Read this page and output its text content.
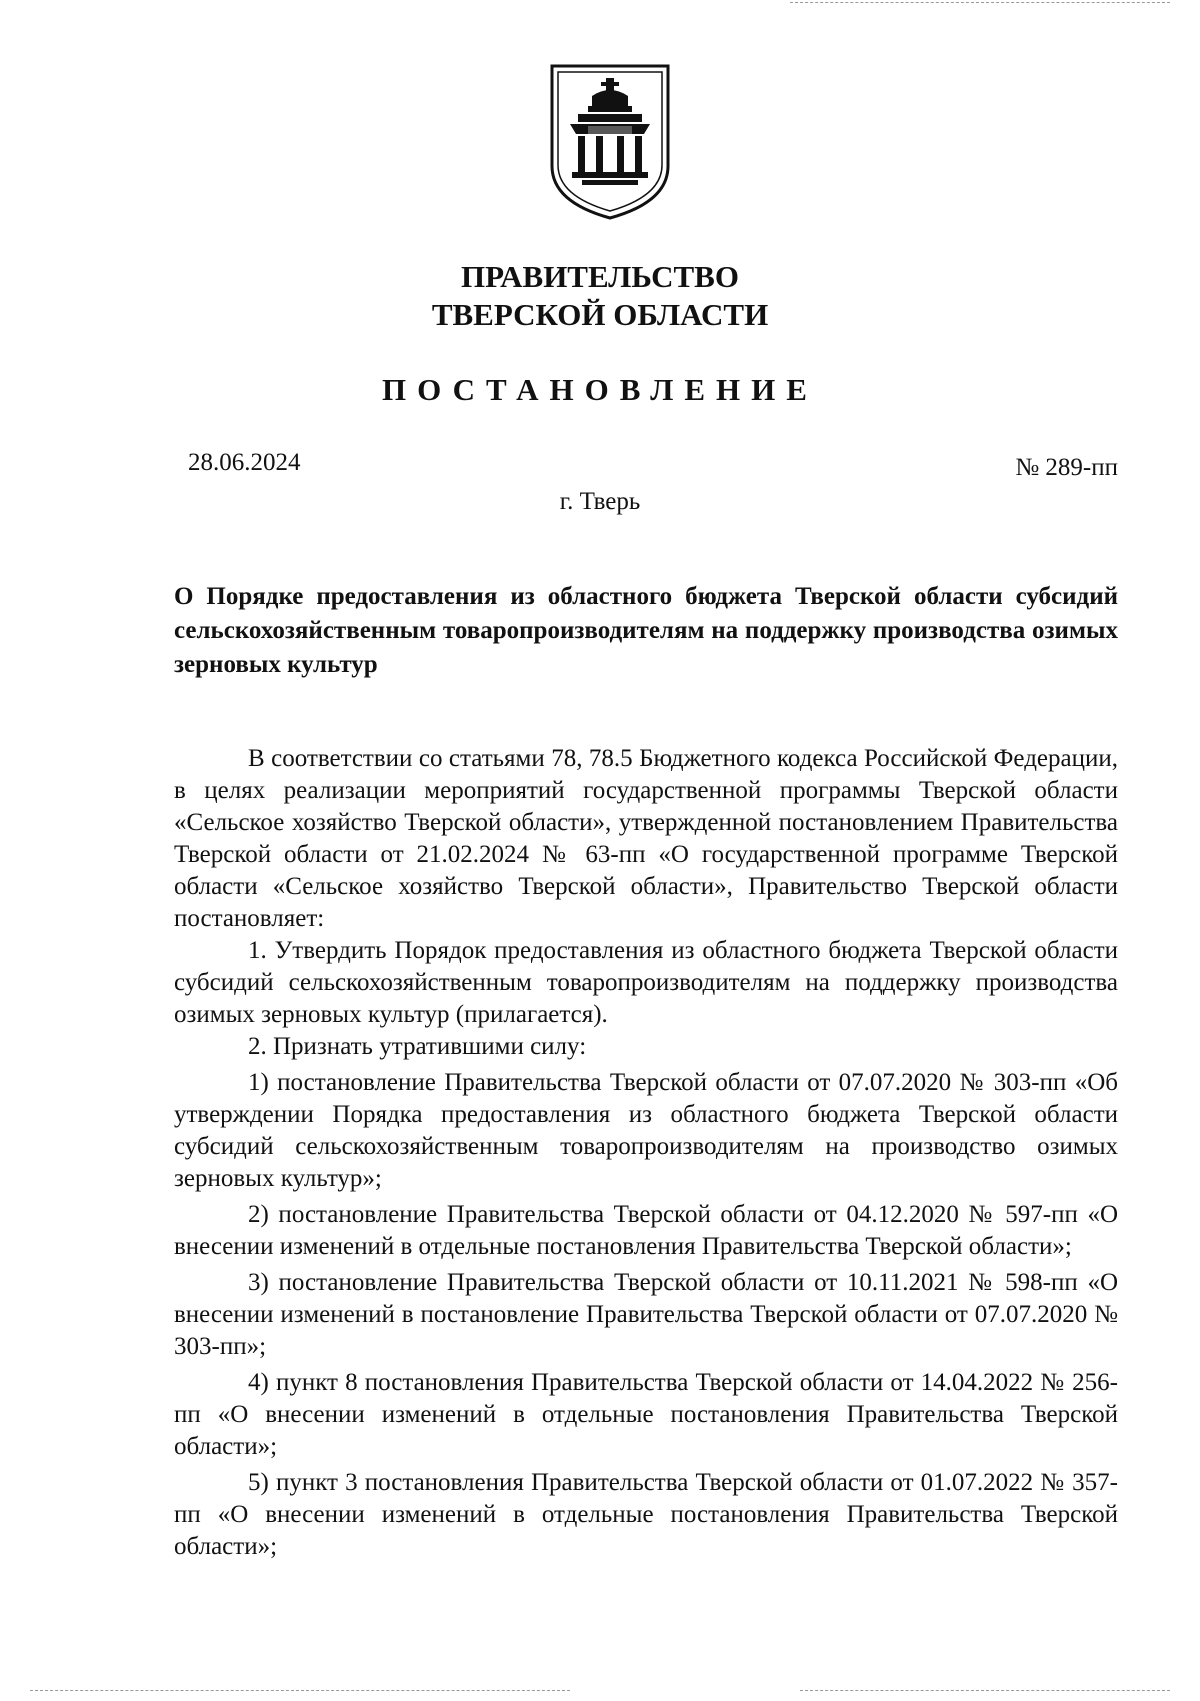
ПРАВИТЕЛЬСТВО
ТВЕРСКОЙ ОБЛАСТИ
ПОСТАНОВЛЕНИЕ
28.06.2024	№ 289-пп
г. Тверь
О Порядке предоставления из областного бюджета Тверской области субсидий сельскохозяйственным товаропроизводителям на поддержку производства озимых зерновых культур

В соответствии со статьями 78, 78.5 Бюджетного кодекса Российской Федерации, в целях реализации мероприятий государственной программы Тверской области «Сельское хозяйство Тверской области», утвержденной постановлением Правительства Тверской области от 21.02.2024 № 63-пп «О государственной программе Тверской области «Сельское хозяйство Тверской области», Правительство Тверской области постановляет:

1. Утвердить Порядок предоставления из областного бюджета Тверской области субсидий сельскохозяйственным товаропроизводителям на поддержку производства озимых зерновых культур (прилагается).

2. Признать утратившими силу:

1) постановление Правительства Тверской области от 07.07.2020 № 303-пп «Об утверждении Порядка предоставления из областного бюджета Тверской области субсидий сельскохозяйственным товаропроизводителям на производство озимых зерновых культур»;

2) постановление Правительства Тверской области от 04.12.2020 № 597-пп «О внесении изменений в отдельные постановления Правительства Тверской области»;

3) постановление Правительства Тверской области от 10.11.2021 № 598-пп «О внесении изменений в постановление Правительства Тверской области от 07.07.2020 № 303-пп»;

4) пункт 8 постановления Правительства Тверской области от 14.04.2022 № 256-пп «О внесении изменений в отдельные постановления Правительства Тверской области»;

5) пункт 3 постановления Правительства Тверской области от 01.07.2022 № 357-пп «О внесении изменений в отдельные постановления Правительства Тверской области»;
